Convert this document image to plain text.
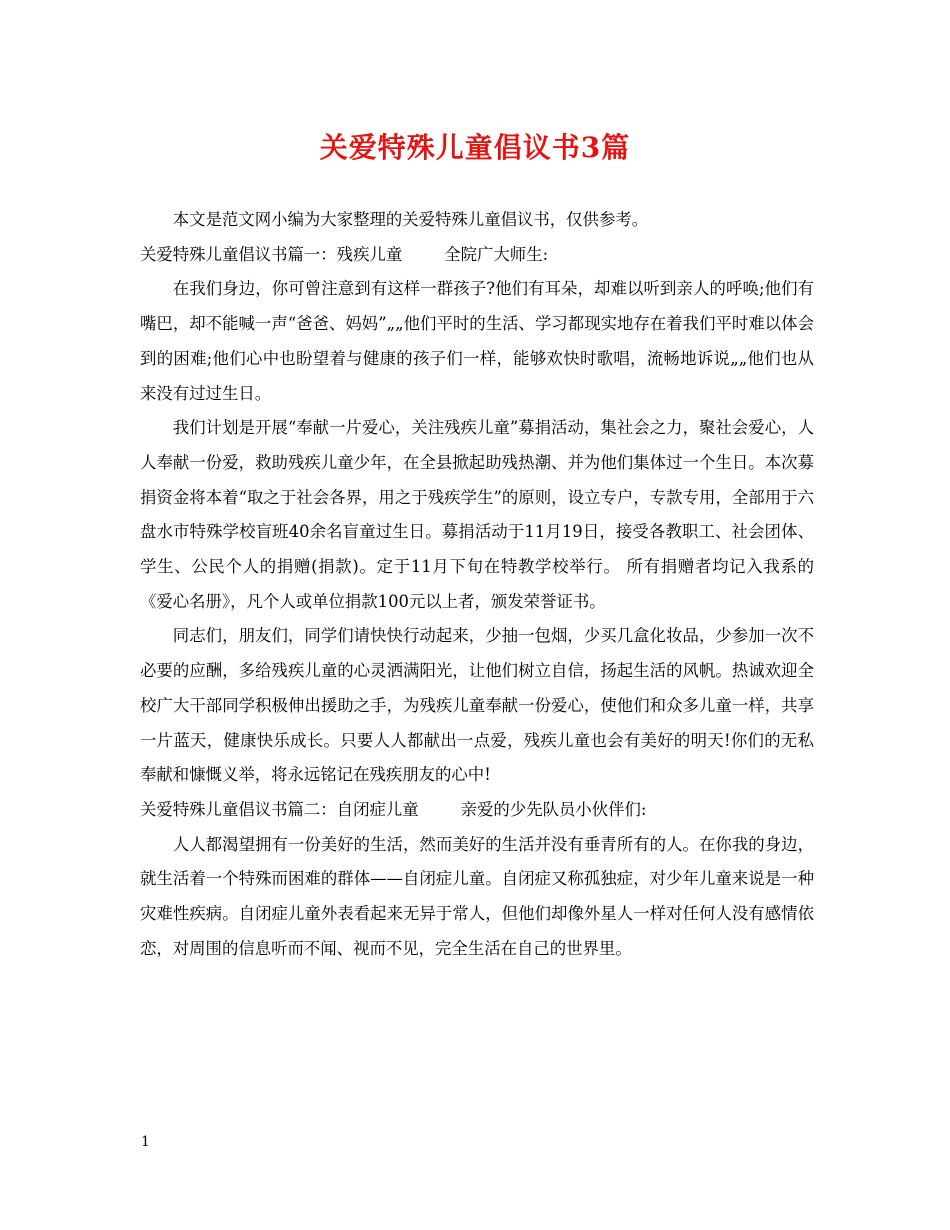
关爱特殊儿童倡议书3篇

本文是范文网小编为大家整理的关爱特殊儿童倡议书，仅供参考。

关爱特殊儿童倡议书篇一：残疾儿童	全院广大师生:

在我们身边，你可曾注意到有这样一群孩子?他们有耳朵，却难以听到亲人的呼唤;他们有嘴巴，却不能喊一声“爸爸、妈妈”„„他们平时的生活、学习都现实地存在着我们平时难以体会到的困难;他们心中也盼望着与健康的孩子们一样，能够欢快时歌唱，流畅地诉说„„他们也从来没有过过生日。

我们计划是开展“奉献一片爱心，关注残疾儿童”募捐活动，集社会之力，聚社会爱心，人人奉献一份爱，救助残疾儿童少年，在全县掀起助残热潮、并为他们集体过一个生日。本次募捐资金将本着“取之于社会各界，用之于残疾学生”的原则，设立专户，专款专用，全部用于六盘水市特殊学校盲班40余名盲童过生日。募捐活动于11月19日，接受各教职工、社会团体、学生、公民个人的捐赠(捐款)。定于11月下旬在特教学校举行。 所有捐赠者均记入我系的《爱心名册》，凡个人或单位捐款100元以上者，颁发荣誉证书。

同志们，朋友们，同学们请快快行动起来，少抽一包烟，少买几盒化妆品，少参加一次不必要的应酬，多给残疾儿童的心灵洒满阳光，让他们树立自信，扬起生活的风帆。热诚欢迎全校广大干部同学积极伸出援助之手，为残疾儿童奉献一份爱心，使他们和众多儿童一样，共享一片蓝天，健康快乐成长。只要人人都献出一点爱，残疾儿童也会有美好的明天!你们的无私奉献和慷慨义举，将永远铭记在残疾朋友的心中!

关爱特殊儿童倡议书篇二：自闭症儿童	亲爱的少先队员小伙伴们:

人人都渴望拥有一份美好的生活，然而美好的生活并没有垂青所有的人。在你我的身边，就生活着一个特殊而困难的群体——自闭症儿童。自闭症又称孤独症，对少年儿童来说是一种灾难性疾病。自闭症儿童外表看起来无异于常人，但他们却像外星人一样对任何人没有感情依恋，对周围的信息听而不闻、视而不见，完全生活在自己的世界里。

1
